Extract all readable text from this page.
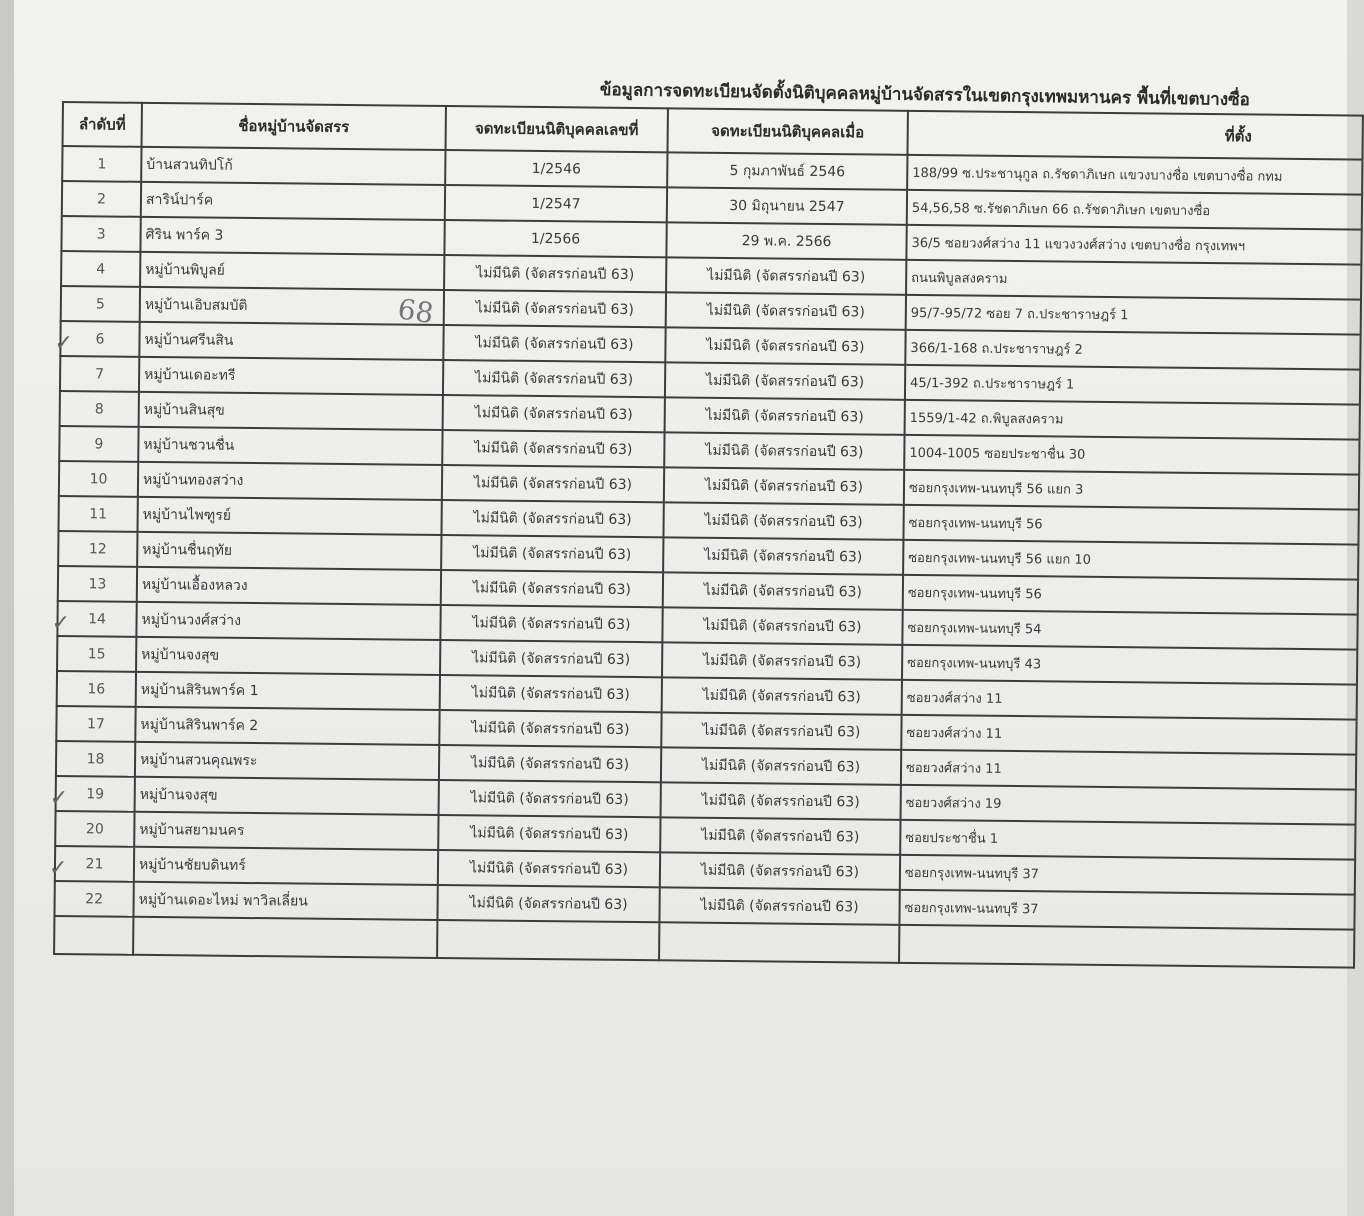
ข้อมูลการจดทะเบียนจัดตั้งนิติบุคคลหมู่บ้านจัดสรรในเขตกรุงเทพมหานคร พื้นที่เขตบางซื่อ
68
ลำดับที่	ชื่อหมู่บ้านจัดสรร	จดทะเบียนนิติบุคคลเลขที่	จดทะเบียนนิติบุคคลเมื่อ	ที่ตั้ง
1	บ้านสวนทิปโก้	1/2546	5 กุมภาพันธ์ 2546	188/99 ซ.ประชานุกูล ถ.รัชดาภิเษก แขวงบางซื่อ เขตบางซื่อ กทม
2	สาริน์ปาร์ค	1/2547	30 มิถุนายน 2547	54,56,58 ซ.รัชดาภิเษก 66 ถ.รัชดาภิเษก เขตบางซื่อ
3	ศิริน พาร์ค 3	1/2566	29 พ.ค. 2566	36/5 ซอยวงศ์สว่าง 11 แขวงวงศ์สว่าง เขตบางซื่อ กรุงเทพฯ
4	หมู่บ้านพิบูลย์	ไม่มีนิติ (จัดสรรก่อนปี 63)	ไม่มีนิติ (จัดสรรก่อนปี 63)	ถนนพิบูลสงคราม
5	หมู่บ้านเอิบสมบัติ	ไม่มีนิติ (จัดสรรก่อนปี 63)	ไม่มีนิติ (จัดสรรก่อนปี 63)	95/7-95/72 ซอย 7 ถ.ประชาราษฎร์ 1

✓ 6	หมู่บ้านศรีนสิน	ไม่มีนิติ (จัดสรรก่อนปี 63)	ไม่มีนิติ (จัดสรรก่อนปี 63)	366/1-168 ถ.ประชาราษฎร์ 2
7	หมู่บ้านเดอะทรี	ไม่มีนิติ (จัดสรรก่อนปี 63)	ไม่มีนิติ (จัดสรรก่อนปี 63)	45/1-392 ถ.ประชาราษฎร์ 1
8	หมู่บ้านสินสุข	ไม่มีนิติ (จัดสรรก่อนปี 63)	ไม่มีนิติ (จัดสรรก่อนปี 63)	1559/1-42 ถ.พิบูลสงคราม
9	หมู่บ้านชวนชื่น	ไม่มีนิติ (จัดสรรก่อนปี 63)	ไม่มีนิติ (จัดสรรก่อนปี 63)	1004-1005 ซอยประชาชื่น 30
10	หมู่บ้านทองสว่าง	ไม่มีนิติ (จัดสรรก่อนปี 63)	ไม่มีนิติ (จัดสรรก่อนปี 63)	ซอยกรุงเทพ-นนทบุรี 56 แยก 3
11	หมู่บ้านไพฑูรย์	ไม่มีนิติ (จัดสรรก่อนปี 63)	ไม่มีนิติ (จัดสรรก่อนปี 63)	ซอยกรุงเทพ-นนทบุรี 56
12	หมู่บ้านชื่นฤทัย	ไม่มีนิติ (จัดสรรก่อนปี 63)	ไม่มีนิติ (จัดสรรก่อนปี 63)	ซอยกรุงเทพ-นนทบุรี 56 แยก 10
13	หมู่บ้านเอื้องหลวง	ไม่มีนิติ (จัดสรรก่อนปี 63)	ไม่มีนิติ (จัดสรรก่อนปี 63)	ซอยกรุงเทพ-นนทบุรี 56

✓ 14	หมู่บ้านวงศ์สว่าง	ไม่มีนิติ (จัดสรรก่อนปี 63)	ไม่มีนิติ (จัดสรรก่อนปี 63)	ซอยกรุงเทพ-นนทบุรี 54
15	หมู่บ้านจงสุข	ไม่มีนิติ (จัดสรรก่อนปี 63)	ไม่มีนิติ (จัดสรรก่อนปี 63)	ซอยกรุงเทพ-นนทบุรี 43
16	หมู่บ้านสิรินพาร์ค 1	ไม่มีนิติ (จัดสรรก่อนปี 63)	ไม่มีนิติ (จัดสรรก่อนปี 63)	ซอยวงศ์สว่าง 11
17	หมู่บ้านสิรินพาร์ค 2	ไม่มีนิติ (จัดสรรก่อนปี 63)	ไม่มีนิติ (จัดสรรก่อนปี 63)	ซอยวงศ์สว่าง 11
18	หมู่บ้านสวนคุณพระ	ไม่มีนิติ (จัดสรรก่อนปี 63)	ไม่มีนิติ (จัดสรรก่อนปี 63)	ซอยวงศ์สว่าง 11

✓ 19	หมู่บ้านจงสุข	ไม่มีนิติ (จัดสรรก่อนปี 63)	ไม่มีนิติ (จัดสรรก่อนปี 63)	ซอยวงศ์สว่าง 19
20	หมู่บ้านสยามนคร	ไม่มีนิติ (จัดสรรก่อนปี 63)	ไม่มีนิติ (จัดสรรก่อนปี 63)	ซอยประชาชื่น 1

✓ 21	หมู่บ้านชัยบดินทร์	ไม่มีนิติ (จัดสรรก่อนปี 63)	ไม่มีนิติ (จัดสรรก่อนปี 63)	ซอยกรุงเทพ-นนทบุรี 37
22	หมู่บ้านเดอะไหม่ พาวิลเลี่ยน	ไม่มีนิติ (จัดสรรก่อนปี 63)	ไม่มีนิติ (จัดสรรก่อนปี 63)	ซอยกรุงเทพ-นนทบุรี 37
